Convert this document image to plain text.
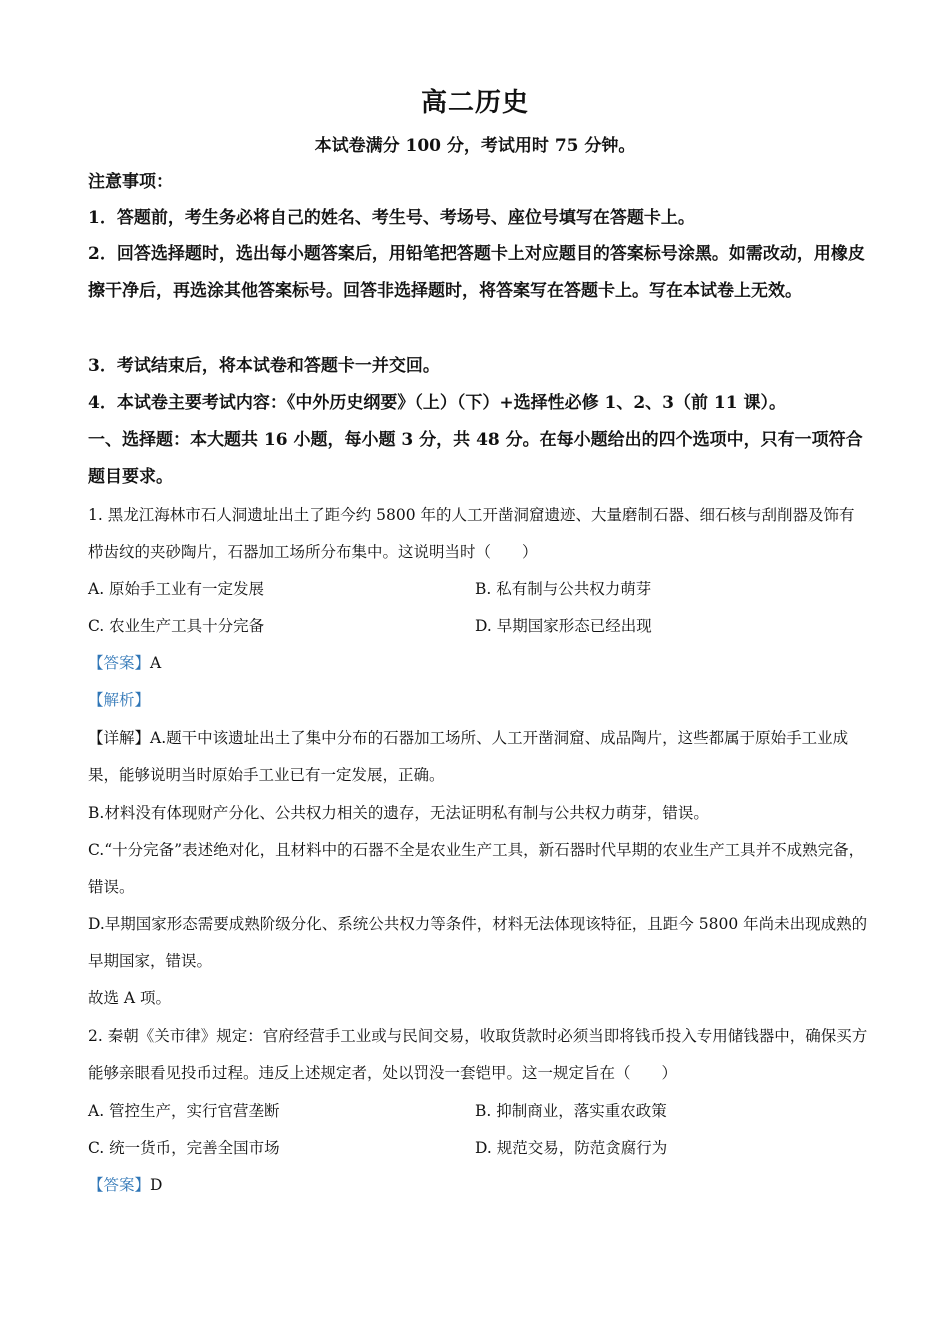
高二历史
本试卷满分 100 分，考试用时 75 分钟。
注意事项：
1．答题前，考生务必将自己的姓名、考生号、考场号、座位号填写在答题卡上。
2．回答选择题时，选出每小题答案后，用铅笔把答题卡上对应题目的答案标号涂黑。如需改动，用橡皮擦干净后，再选涂其他答案标号。回答非选择题时，将答案写在答题卡上。写在本试卷上无效。
3．考试结束后，将本试卷和答题卡一并交回。
4．本试卷主要考试内容：《中外历史纲要》（上）（下）+选择性必修 1、2、3（前 11 课）。
一、选择题：本大题共 16 小题，每小题 3 分，共 48 分。在每小题给出的四个选项中，只有一项符合题目要求。
1. 黑龙江海林市石人洞遗址出土了距今约 5800 年的人工开凿洞窟遗迹、大量磨制石器、细石核与刮削器及饰有栉齿纹的夹砂陶片，石器加工场所分布集中。这说明当时（　　）
A. 原始手工业有一定发展	B. 私有制与公共权力萌芽
C. 农业生产工具十分完备	D. 早期国家形态已经出现
【答案】A
【解析】
【详解】A.题干中该遗址出土了集中分布的石器加工场所、人工开凿洞窟、成品陶片，这些都属于原始手工业成果，能够说明当时原始手工业已有一定发展，正确。
B.材料没有体现财产分化、公共权力相关的遗存，无法证明私有制与公共权力萌芽，错误。
C.“十分完备”表述绝对化，且材料中的石器不全是农业生产工具，新石器时代早期的农业生产工具并不成熟完备，错误。
D.早期国家形态需要成熟阶级分化、系统公共权力等条件，材料无法体现该特征，且距今 5800 年尚未出现成熟的早期国家，错误。
故选 A 项。
2. 秦朝《关市律》规定：官府经营手工业或与民间交易，收取货款时必须当即将钱币投入专用储钱器中，确保买方能够亲眼看见投币过程。违反上述规定者，处以罚没一套铠甲。这一规定旨在（　　）
A. 管控生产，实行官营垄断	B. 抑制商业，落实重农政策
C. 统一货币，完善全国市场	D. 规范交易，防范贪腐行为
【答案】D
